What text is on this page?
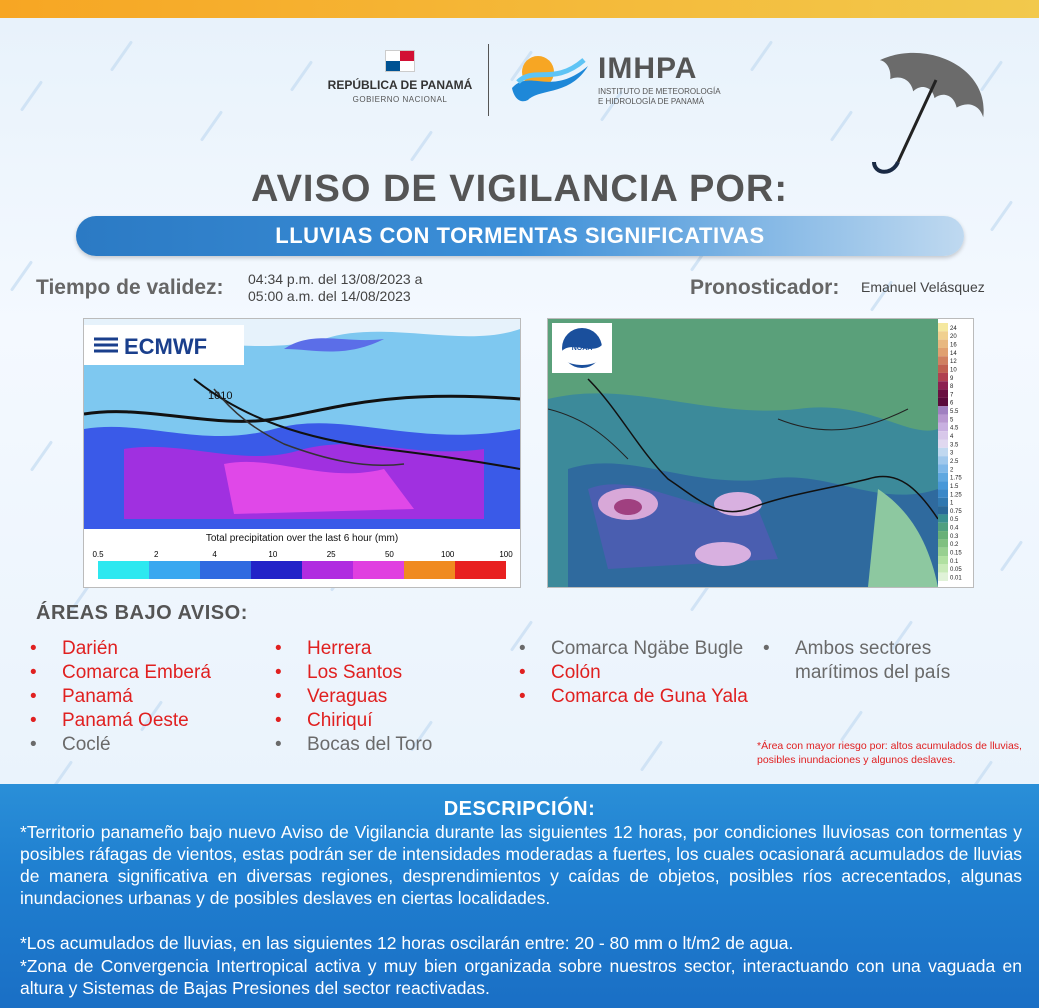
REPÚBLICA DE PANAMÁ
GOBIERNO NACIONAL
IMHPA
INSTITUTO DE METEOROLOGÍA
E HIDROLOGÍA DE PANAMÁ
AVISO DE VIGILANCIA POR:
LLUVIAS CON TORMENTAS SIGNIFICATIVAS
Tiempo de validez: 04:34 p.m. del 13/08/2023 a
05:00 a.m. del 14/08/2023	Pronosticador: Emanuel Velásquez
1010
0.5	2	4	10	25	50	100	100
Total precipitation over the last 6 hour (mm)
ECMWF
24
20
16
14
12
10
9
8
7
6
5.5
5
4.5
4
3.5
3
2.5
2
1.75
1.5
1.25
1
0.75
0.5
0.4
0.3
0.2
0.15
0.1
0.05
0.01
NOAA
ÁREAS BAJO AVISO:
• Darién
• Comarca Emberá
• Panamá
• Panamá Oeste
• Coclé
• Herrera
• Los Santos
• Veraguas
• Chiriquí
• Bocas del Toro
• Comarca Ngäbe Bugle
• Colón
• Comarca de Guna Yala
• Ambos sectores marítimos del país
*Área con mayor riesgo por: altos acumulados de lluvias, posibles inundaciones y algunos deslaves.
DESCRIPCIÓN:
*Territorio panameño bajo nuevo Aviso de Vigilancia durante las siguientes 12 horas, por condiciones lluviosas con tormentas y posibles ráfagas de vientos, estas podrán ser de intensidades moderadas a fuertes, los cuales ocasionará acumulados de lluvias de manera significativa en diversas regiones, desprendimientos y caídas de objetos, posibles ríos acrecentados, algunas inundaciones urbanas y de posibles deslaves en ciertas localidades.
*Los acumulados de lluvias, en las siguientes 12 horas oscilarán entre: 20 - 80 mm o lt/m2 de agua.
*Zona de Convergencia Intertropical activa y muy bien organizada sobre nuestros sector, interactuando con una vaguada en altura y Sistemas de Bajas Presiones del sector reactivadas.
